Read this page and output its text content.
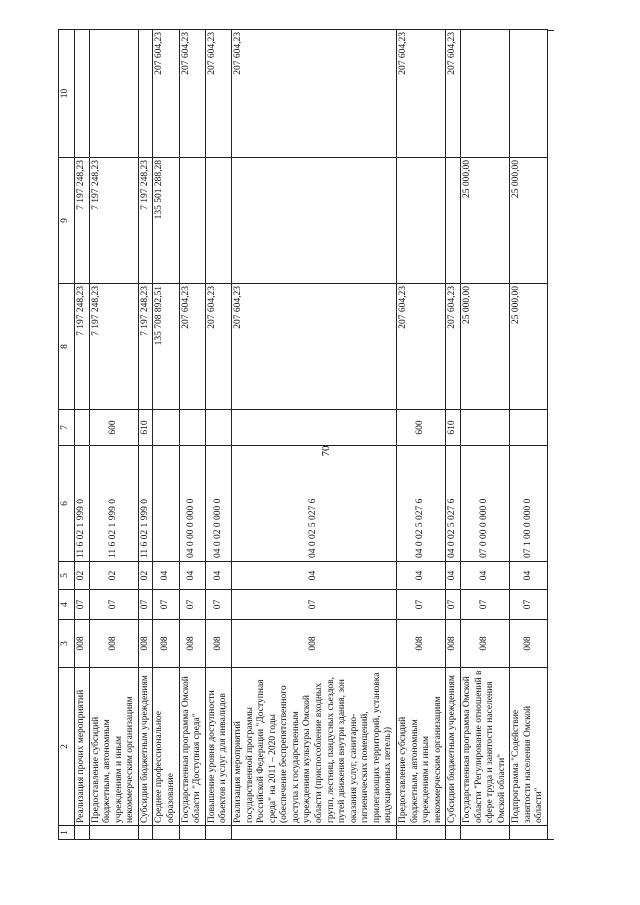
70
1	2	3	4	5	6	7	8	9	10
	Реализация прочих мероприятий	008	07	02	11 6 02 1 999 0		7 197 248,23	7 197 248,23	
	Предоставление субсидий бюджетным, автономным учреждениям и иным некоммерческим организациям	008	07	02	11 6 02 1 999 0	600	7 197 248,23	7 197 248,23	
	Субсидии бюджетным учреждениям	008	07	02	11 6 02 1 999 0	610	7 197 248,23	7 197 248,23	
	Среднее профессиональное образование	008	07	04			135 708 892,51	135 501 288,28	207 604,23
	Государственная программа Омской области "Доступная среда"	008	07	04	04 0 00 0 000 0		207 604,23		207 604,23
	Повышение уровня доступности объектов и услуг для инвалидов	008	07	04	04 0 02 0 000 0		207 604,23		207 604,23
	Реализация мероприятий государственной программы Российской Федерации "Доступная среда" на 2011 – 2020 годы (обеспечение беспрепятственного доступа к государственным учреждениям культуры Омской области (приспособление входных групп, лестниц, пандусных съездов, путей движения внутри здания, зон оказания услуг, санитарно-гигиенических помещений, прилегающих территорий, установка индукционных петель))	008	07	04	04 0 02 5 027 6		207 604,23		207 604,23
	Предоставление субсидий бюджетным, автономным учреждениям и иным некоммерческим организациям	008	07	04	04 0 02 5 027 6	600	207 604,23		207 604,23
	Субсидии бюджетным учреждениям	008	07	04	04 0 02 5 027 6	610	207 604,23		207 604,23
	Государственная программа Омской области "Регулирование отношений в сфере труда и занятости населения Омской области"	008	07	04	07 0 00 0 000 0		25 000,00	25 000,00	
	Подпрограмма "Содействие занятости населения Омской области"	008	07	04	07 1 00 0 000 0		25 000,00	25 000,00	
